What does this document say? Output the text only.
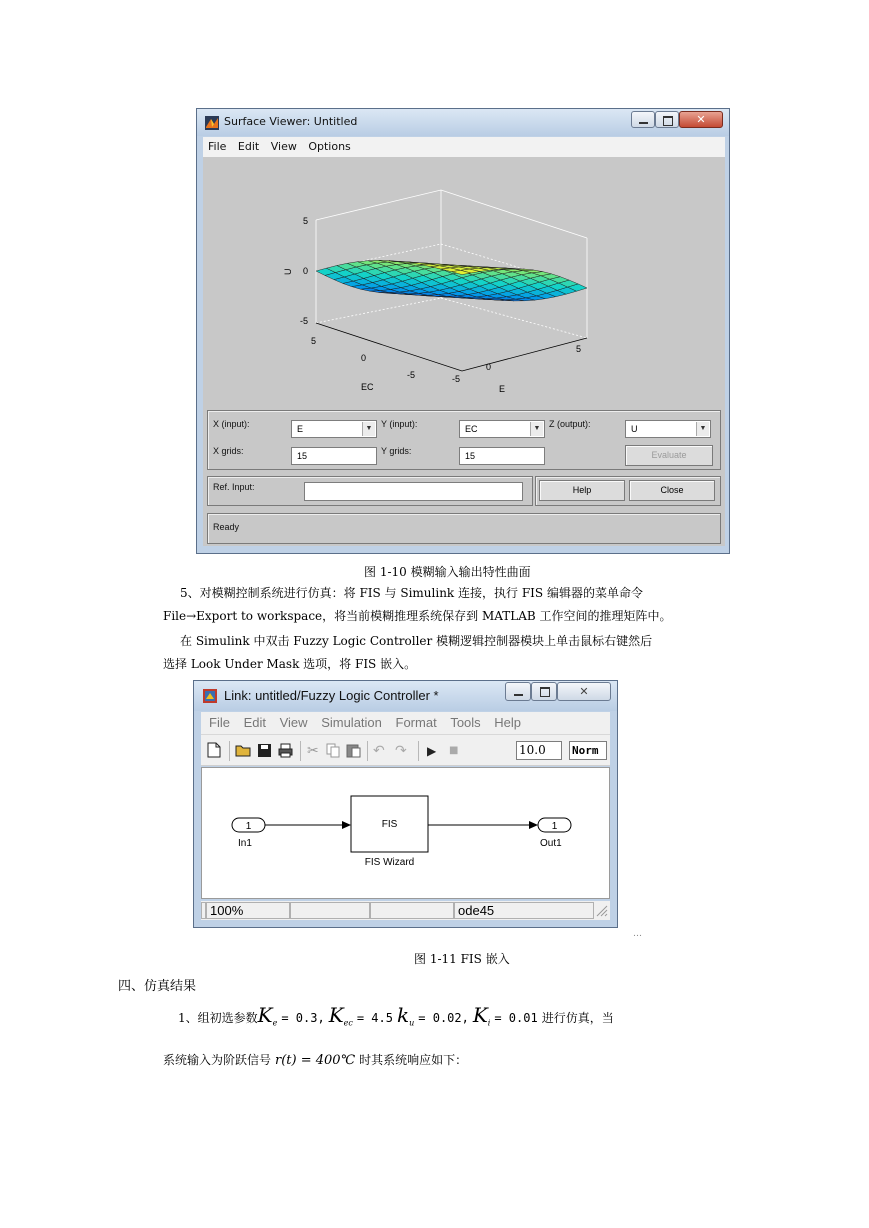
Surface Viewer: Untitled	✕
File Edit View Options
5
0
-5
U
5
0
-5
EC
5
0
-5
E
X (input):	E	▼ Y (input):	EC	▼ Z (output):	U	▼
X grids:	15	Y grids:	15	Evaluate
Ref. Input:	Help	Close
Ready
图 1-10 模糊输入输出特性曲面
5、对模糊控制系统进行仿真：将 FIS 与 Simulink 连接，执行 FIS 编辑器的菜单命令
File→Export to workspace，将当前模糊推理系统保存到 MATLAB 工作空间的推理矩阵中。
在 Simulink 中双击 Fuzzy Logic Controller 模糊逻辑控制器模块上单击鼠标右键然后
选择 Look Under Mask 选项，将 FIS 嵌入。
Link: untitled/Fuzzy Logic Controller *	✕
File Edit View Simulation Format Tools Help
✂	↶ ↷ ▶ ■	10.0	Norm
1
In1
FIS
FIS Wizard
1
Out1
100%	ode45
…
图 1-11 FIS 嵌入
四、仿真结果
1、组初选参数$K_e = 0.3$, $K_{ec} = 4.5$ $k_u = 0.02$, $K_i = 0.01$ 进行仿真，当
系统输入为阶跃信号 r(t) = 400℃ 时其系统响应如下：
